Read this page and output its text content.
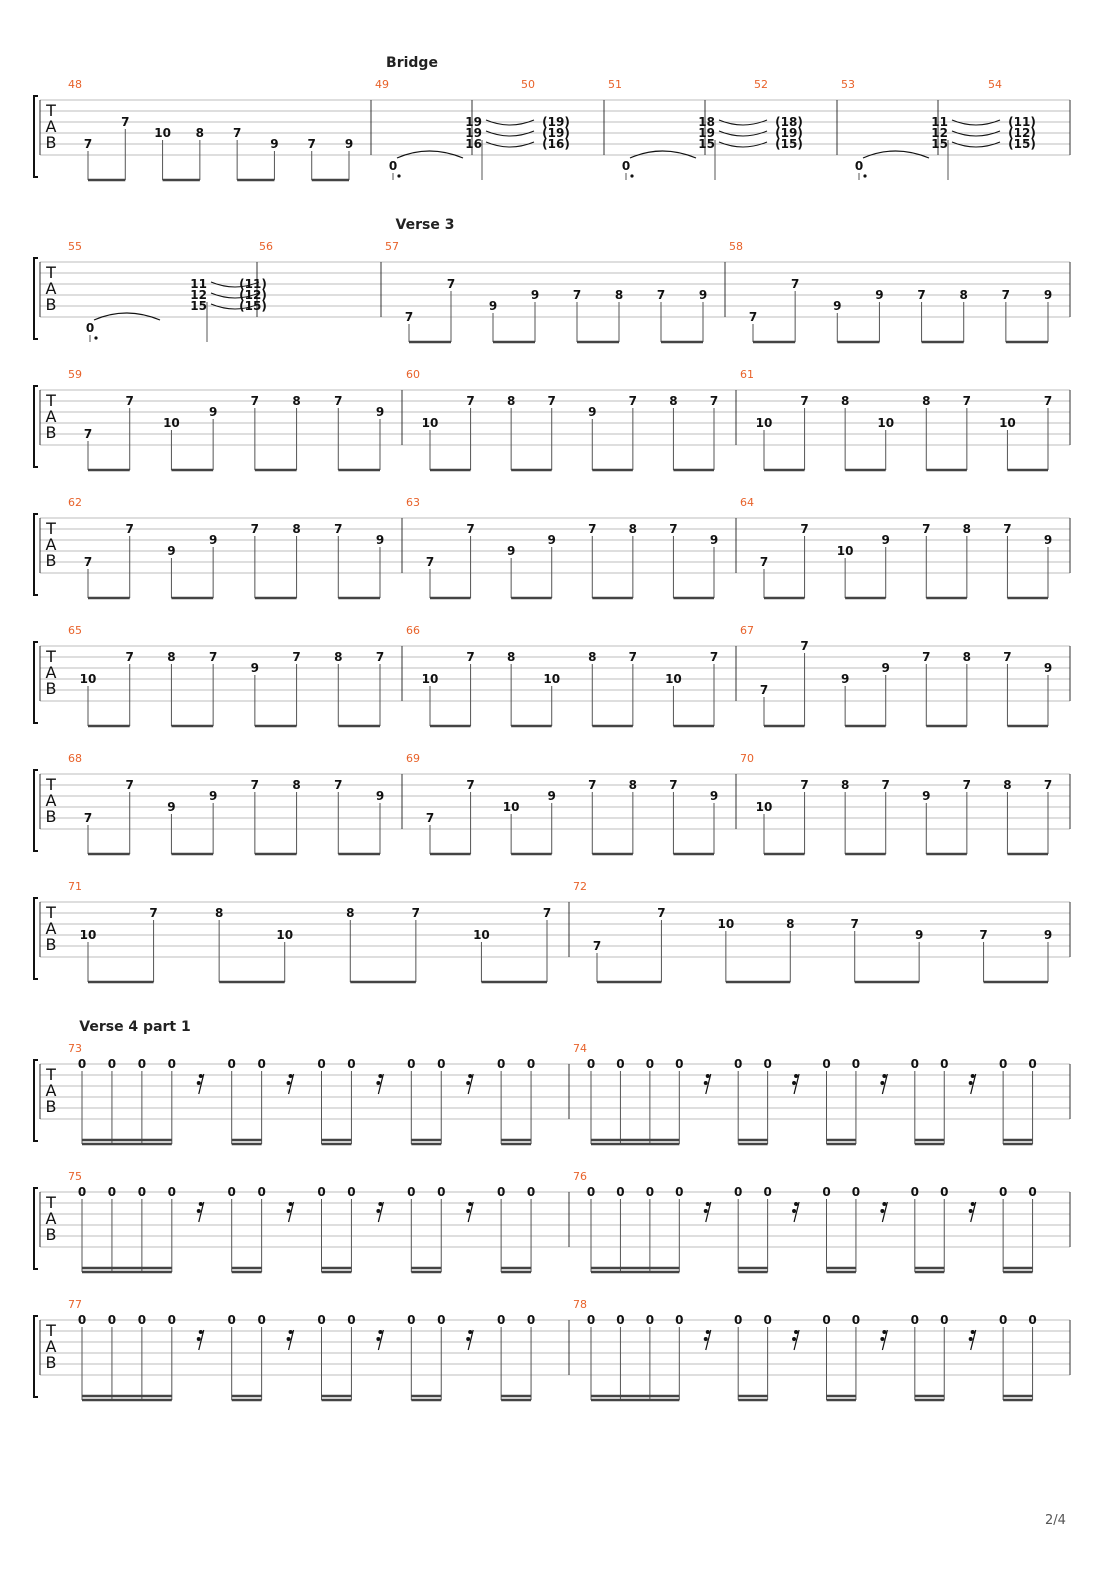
Bridge
T
A
B
48
7
7
10 8 7
9 7 9
49
0
19
19
16
50
(19)
(19)
(16)
51
0
18
19
15
52
(18)
(19)
(15)
53
0
11
12
15
54
(11)
(12)
(15)
Verse 3
T
A
B
55
0
11
12
15
56
(11)
(12)
(15)
57
7
7
9
9	7	8	7	9
58
7
7
9
9	7	8	7	9
T
A
B
59
7
7
10
9
7	8	7
9
60
10
7	8	7
9
7	8	7
61
10
7	8
10
8	7
10
7
T
A
B
62
7
7
9
9
7	8	7
9
63
7
7
9
9
7	8	7
9
64
7
7
10
9
7	8	7
9
T
A
B
65
10
7	8	7
9
7	8	7
66
10
7	8
10
8	7
10
7
67
7
7
9
9
7	8	7
9
T
A
B
68
7
7
9
9
7	8	7
9
69
7
7
10
9
7	8	7
9
70
10
7	8	7
9
7	8	7
T
A
B
71
10
7	8
10
8	7
10
7
72
7
7
10	8	7
9	7	9
Verse 4 part 1
T
A
B
73
0 0 0 0	0 0	0 0	0 0	0 0
74
0 0 0 0	0 0	0 0	0 0	0 0
T
A
B
75
0 0 0 0	0 0	0 0	0 0	0 0
76
0 0 0 0	0 0	0 0	0 0	0 0
T
A
B
77
0 0 0 0	0 0	0 0	0 0	0 0
78
0 0 0 0	0 0	0 0	0 0	0 0
2/4
